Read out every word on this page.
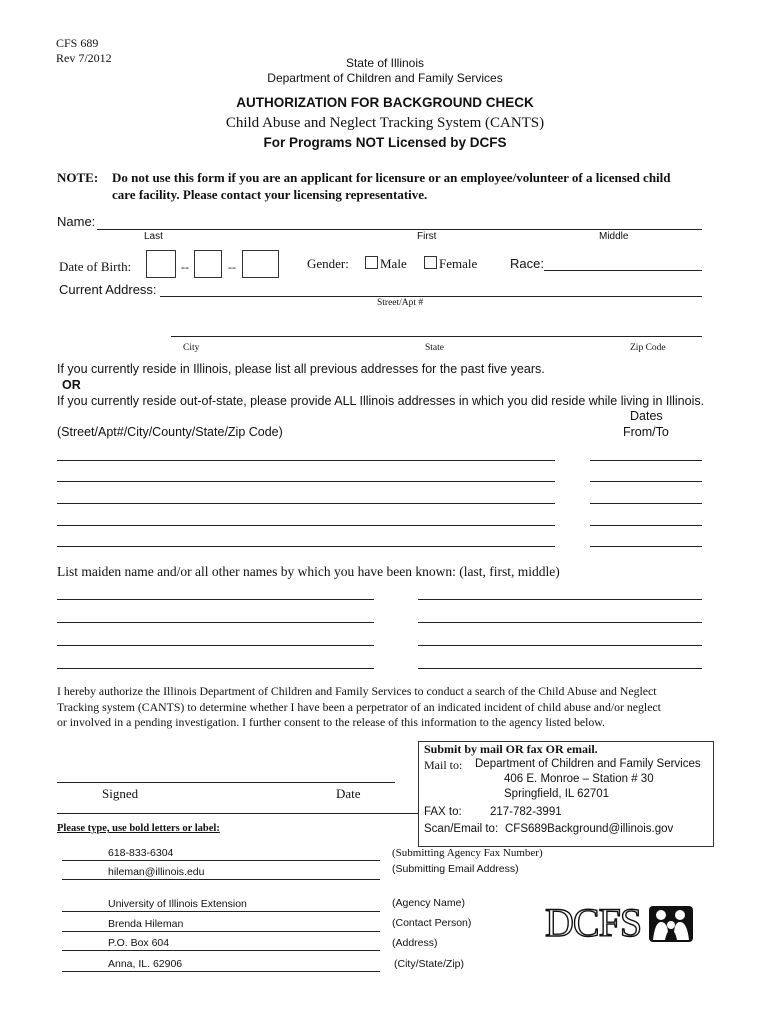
CFS 689
Rev 7/2012	State of Illinois
Department of Children and Family Services
AUTHORIZATION FOR BACKGROUND CHECK
Child Abuse and Neglect Tracking System (CANTS)
For Programs NOT Licensed by DCFS
NOTE: Do not use this form if you are an applicant for licensure or an employee/volunteer of a licensed child
care facility. Please contact your licensing representative.
Name:
Last	First	Middle
Date of Birth:	--	--	Gender:	Male	Female	Race:
Current Address:
Street/Apt #
City	State	Zip Code
If you currently reside in Illinois, please list all previous addresses for the past five years.
OR
If you currently reside out-of-state, please provide ALL Illinois addresses in which you did reside while living in Illinois.
Dates
(Street/Apt#/City/County/State/Zip Code)	From/To
List maiden name and/or all other names by which you have been known: (last, first, middle)
I hereby authorize the Illinois Department of Children and Family Services to conduct a search of the Child Abuse and Neglect
Tracking system (CANTS) to determine whether I have been a perpetrator of an indicated incident of child abuse and/or neglect
or involved in a pending investigation. I further consent to the release of this information to the agency listed below.
Submit by mail OR fax OR email.
Mail to: Department of Children and Family Services
406 E. Monroe – Station # 30
Springfield, IL 62701
FAX to: 217-782-3991
Scan/Email to: CFS689Background@illinois.gov
Signed	Date
Please type, use bold letters or label:
618-833-6304	(Submitting Agency Fax Number)
hileman@illinois.edu	(Submitting Email Address)
University of Illinois Extension	(Agency Name)
Brenda Hileman	(Contact Person)
P.O. Box 604	(Address)
Anna, IL. 62906	(City/State/Zip)
DCFS
